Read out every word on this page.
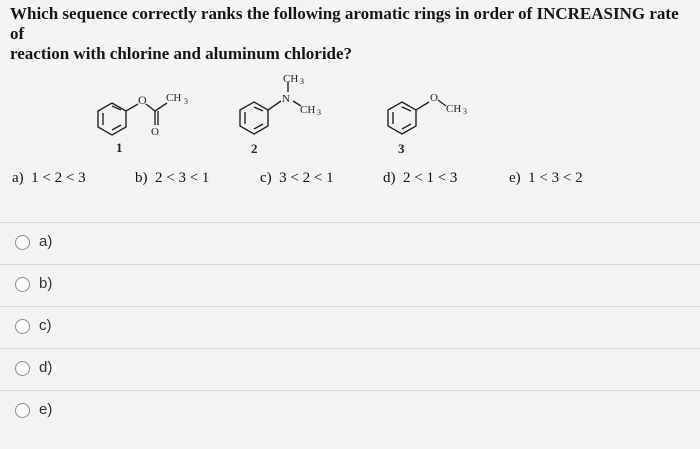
Which sequence correctly ranks the following aromatic rings in order of INCREASING rate of
reaction with chlorine and aluminum chloride?
O CH 3
O
1
N
CH 3
CH 3
2
O
CH 3
3
a) 1 < 2 < 3	b) 2 < 3 < 1	c) 3 < 2 < 1	d) 2 < 1 < 3	e) 1 < 3 < 2
a)
b)
c)
d)
e)
